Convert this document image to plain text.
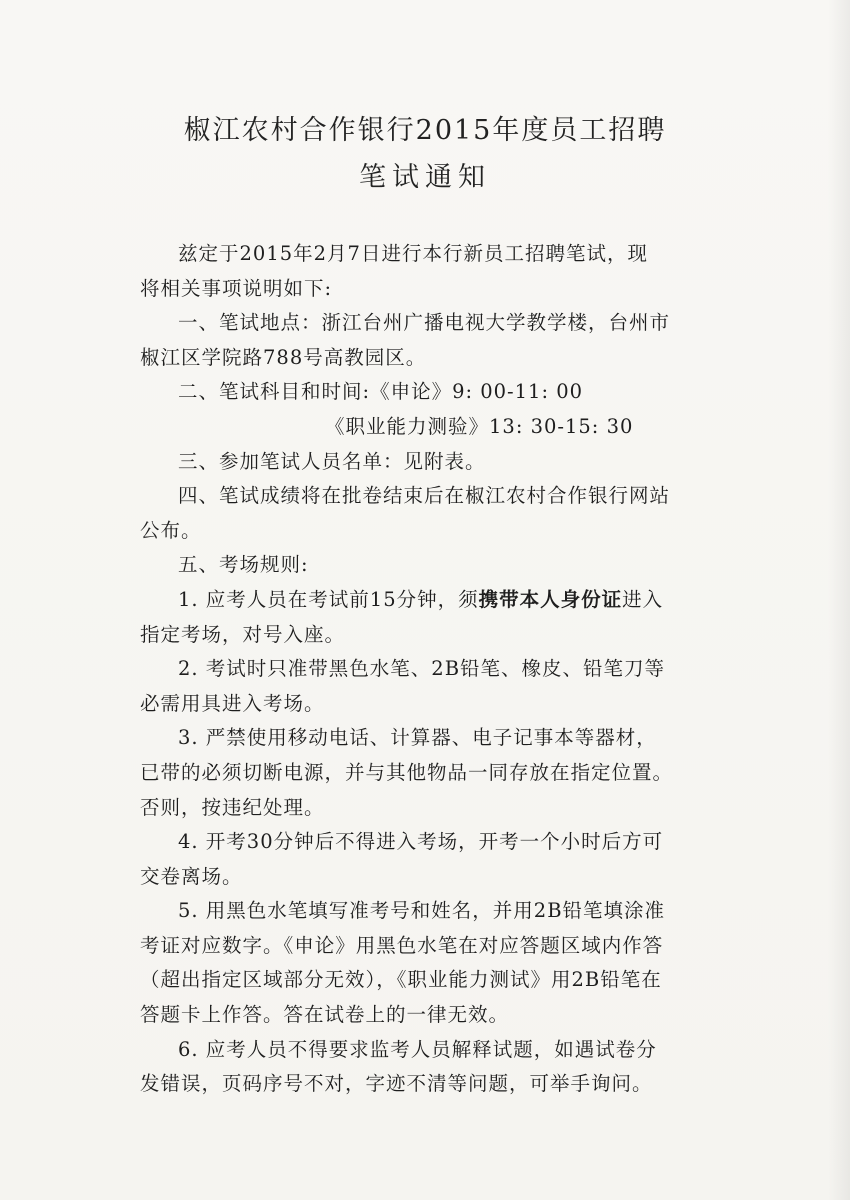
椒江农村合作银行2015年度员工招聘
笔试通知
兹定于2015年2月7日进行本行新员工招聘笔试，现
将相关事项说明如下:
一、笔试地点：浙江台州广播电视大学教学楼，台州市
椒江区学院路788号高教园区。
二、笔试科目和时间:《申论》9: 00-11: 00
《职业能力测验》13: 30-15: 30
三、参加笔试人员名单：见附表。
四、笔试成绩将在批卷结束后在椒江农村合作银行网站
公布。
五、考场规则:
1. 应考人员在考试前15分钟，须携带本人身份证进入
指定考场，对号入座。
2. 考试时只准带黑色水笔、2B铅笔、橡皮、铅笔刀等
必需用具进入考场。
3. 严禁使用移动电话、计算器、电子记事本等器材，
已带的必须切断电源，并与其他物品一同存放在指定位置。
否则，按违纪处理。
4. 开考30分钟后不得进入考场，开考一个小时后方可
交卷离场。
5. 用黑色水笔填写准考号和姓名，并用2B铅笔填涂准
考证对应数字。《申论》用黑色水笔在对应答题区域内作答
（超出指定区域部分无效），《职业能力测试》用2B铅笔在
答题卡上作答。答在试卷上的一律无效。
6. 应考人员不得要求监考人员解释试题，如遇试卷分
发错误，页码序号不对，字迹不清等问题，可举手询问。
